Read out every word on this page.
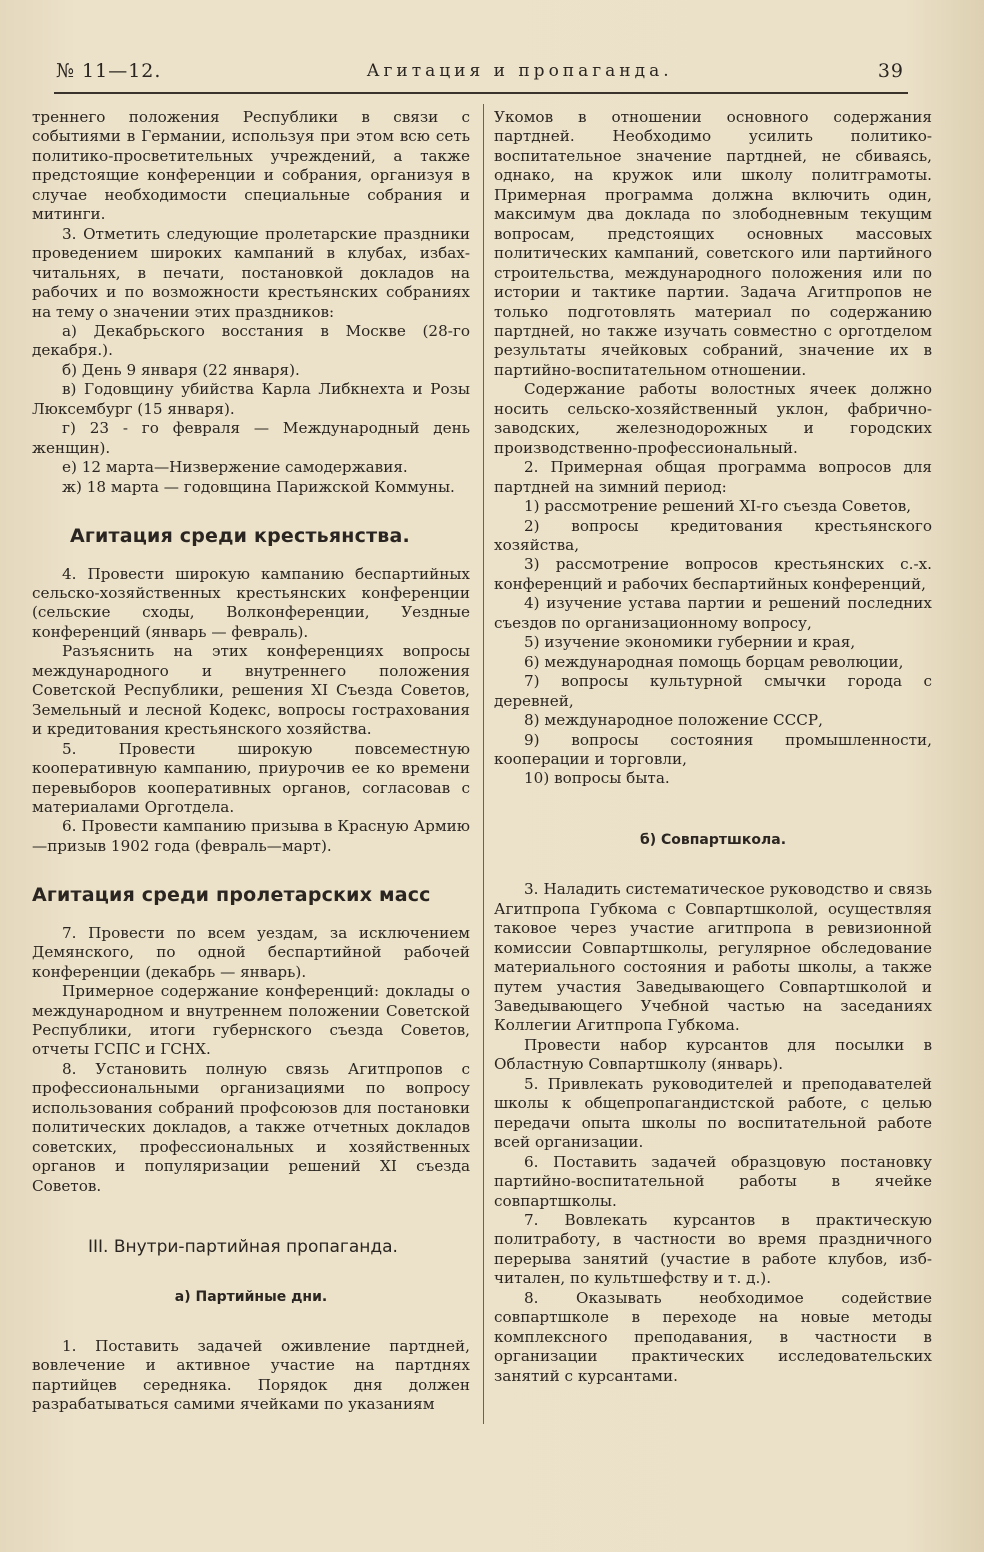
№ 11—12.	Агитация и пропаганда.	39

треннего положения Республики в связи с событиями в Германии, используя при этом всю сеть политико-просветительных учреждений, а также предстоящие конференции и собрания, организуя в случае необходимости специальные собрания и митинги.

3. Отметить следующие пролетарские праздники проведением широких кампаний в клубах, избах-читальнях, в печати, постановкой докладов на рабочих и по возможности крестьянских собраниях на тему о значении этих праздников:

а) Декабрьского восстания в Москве (28-го декабря.).

б) День 9 января (22 января).

в) Годовщину убийства Карла Либкнехта и Розы Люксембург (15 января).

г) 23 - го февраля — Международный день женщин).

е) 12 марта—Низвержение самодержавия.

ж) 18 марта — годовщина Парижской Коммуны.

Агитация среди крестьянства.

4. Провести широкую кампанию беспартийных сельско-хозяйственных крестьянских конференции (сельские сходы, Волконференции, Уездные конференций (январь — февраль).

Разъяснить на этих конференциях вопросы международного и внутреннего положения Советской Республики, решения XI Съезда Советов, Земельный и лесной Кодекс, вопросы гострахования и кредитования крестьянского хозяйства.

5. Провести широкую повсеместную кооперативную кампанию, приурочив ее ко времени перевыборов кооперативных органов, согласовав с материалами Орготдела.

6. Провести кампанию призыва в Красную Армию—призыв 1902 года (февраль—март).

Агитация среди пролетарских масс

7. Провести по всем уездам, за исключением Демянского, по одной беспартийной рабочей конференции (декабрь — январь).

Примерное содержание конференций: доклады о международном и внутреннем положении Советской Республики, итоги губернского съезда Советов, отчеты ГСПС и ГСНХ.

8. Установить полную связь Агитпропов с профессиональными организациями по вопросу использования собраний профсоюзов для постановки политических докладов, а также отчетных докладов советских, профессиональных и хозяйственных органов и популяризации решений XI съезда Советов.

III. Внутри-партийная пропаганда.
а) Партийные дни.

1. Поставить задачей оживление партдней, вовлечение и активное участие на партднях партийцев середняка. Порядок дня должен разрабатываться самими ячейками по указаниям

Укомов в отношении основного содержания партдней. Необходимо усилить политико-воспитательное значение партдней, не сбиваясь, однако, на кружок или школу политграмоты. Примерная программа должна включить один, максимум два доклада по злободневным текущим вопросам, предстоящих основных массовых политических кампаний, советского или партийного строительства, международного положения или по истории и тактике партии. Задача Агитпропов не только подготовлять материал по содержанию партдней, но также изучать совместно с орготделом результаты ячейковых собраний, значение их в партийно-воспитательном отношении.

Содержание работы волостных ячеек должно носить сельско-хозяйственный уклон, фабрично-заводских, железнодорожных и городских производственно-профессиональный.

2. Примерная общая программа вопросов для партдней на зимний период:

1) рассмотрение решений XI-го съезда Советов,

2) вопросы кредитования крестьянского хозяйства,

3) рассмотрение вопросов крестьянских с.-х. конференций и рабочих беспартийных конференций,

4) изучение устава партии и решений последних съездов по организационному вопросу,

5) изучение экономики губернии и края,

6) международная помощь борцам революции,

7) вопросы культурной смычки города с деревней,

8) международное положение СССР,

9) вопросы состояния промышленности, кооперации и торговли,

10) вопросы быта.

б) Совпартшкола.

3. Наладить систематическое руководство и связь Агитпропа Губкома с Совпартшколой, осуществляя таковое через участие агитпропа в ревизионной комиссии Совпартшколы, регулярное обследование материального состояния и работы школы, а также путем участия Заведывающего Совпартшколой и Заведывающего Учебной частью на заседаниях Коллегии Агитпропа Губкома.

Провести набор курсантов для посылки в Областную Совпартшколу (январь).

5. Привлекать руководителей и преподавателей школы к общепропагандистской работе, с целью передачи опыта школы по воспитательной работе всей организации.

6. Поставить задачей образцовую постановку партийно-воспитательной работы в ячейке совпартшколы.

7. Вовлекать курсантов в практическую политработу, в частности во время праздничного перерыва занятий (участие в работе клубов, изб-читален, по культшефству и т. д.).

8. Оказывать необходимое содействие совпартшколе в переходе на новые методы комплексного преподавания, в частности в организации практических исследовательских занятий с курсантами.
